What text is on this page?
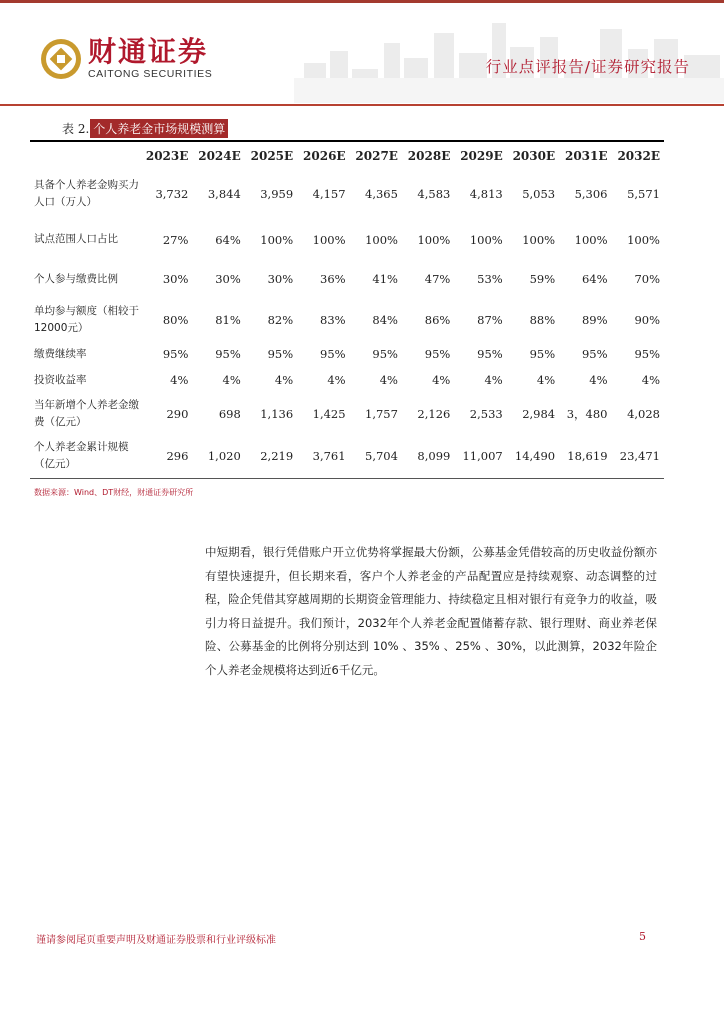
财通证券
CAITONG SECURITIES	行业点评报告/证券研究报告
表 2. 个人养老金市场规模测算
	2023E	2024E	2025E	2026E	2027E	2028E	2029E	2030E	2031E	2032E
具备个人养老金购买力人口（万人）	3,732	3,844	3,959	4,157	4,365	4,583	4,813	5,053	5,306	5,571
试点范围人口占比	27%	64%	100%	100%	100%	100%	100%	100%	100%	100%
个人参与缴费比例	30%	30%	30%	36%	41%	47%	53%	59%	64%	70%
单均参与额度（相较于12000元）	80%	81%	82%	83%	84%	86%	87%	88%	89%	90%
缴费继续率	95%	95%	95%	95%	95%	95%	95%	95%	95%	95%
投资收益率	4%	4%	4%	4%	4%	4%	4%	4%	4%	4%
当年新增个人养老金缴费（亿元）	290	698	1,136	1,425	1,757	2,126	2,533	2,984	3，480	4,028
个人养老金累计规模（亿元）	296	1,020	2,219	3,761	5,704	8,099	11,007	14,490	18,619	23,471
数据来源：Wind、DT财经，财通证券研究所
中短期看，银行凭借账户开立优势将掌握最大份额，公募基金凭借较高的历史收益份额亦有望快速提升，但长期来看，客户个人养老金的产品配置应是持续观察、动态调整的过程，险企凭借其穿越周期的长期资金管理能力、持续稳定且相对银行有竞争力的收益，吸引力将日益提升。我们预计，2032年个人养老金配置储蓄存款、银行理财、商业养老保险、公募基金的比例将分别达到 10% 、35% 、25% 、30%，以此测算，2032年险企个人养老金规模将达到近6千亿元。
谨请参阅尾页重要声明及财通证券股票和行业评级标准	5
